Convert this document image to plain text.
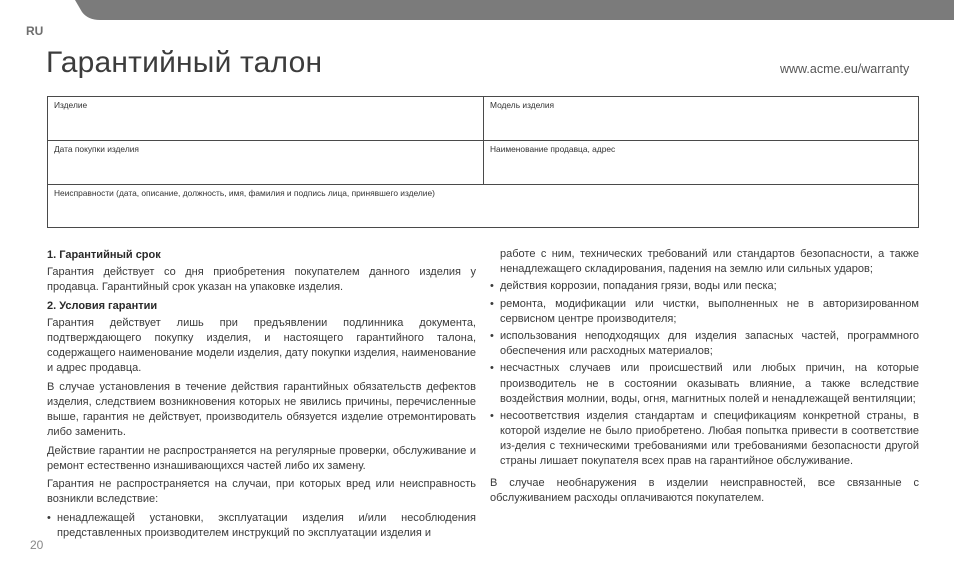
RU
Гарантийный талон	www.acme.eu/warranty
Изделие	Модель изделия
Дата покупки изделия	Наименование продавца, адрес
Неисправности (дата, описание, должность, имя, фамилия и подпись лица, принявшего изделие)
1. Гарантийный срок

Гарантия действует со дня приобретения покупателем данного изделия у продавца. Гарантийный срок указан на упаковке изделия.

2. Условия гарантии

Гарантия действует лишь при предъявлении подлинника документа, подтверждающего покупку изделия, и настоящего гарантийного талона, содержащего наименование модели изделия, дату покупки изделия, наименование и адрес продавца.

В случае установления в течение действия гарантийных обязательств дефектов изделия, следствием возникновения которых не явились причины, перечисленные выше, гарантия не действует, производитель обязуется изделие отремонтировать либо заменить.

Действие гарантии не распространяется на регулярные проверки, обслуживание и ремонт естественно изнашивающихся частей либо их замену.

Гарантия не распространяется на случаи, при которых вред или неисправность возникли вследствие:

• ненадлежащей установки, эксплуатации изделия и/или несоблюдения представленных производителем инструкций по эксплуатации изделия и
работе с ним, технических требований или стандартов безопасности, а также ненадлежащего складирования, падения на землю или сильных ударов;
• действия коррозии, попадания грязи, воды или песка;
• ремонта, модификации или чистки, выполненных не в авторизированном сервисном центре производителя;
• использования неподходящих для изделия запасных частей, программного обеспечения или расходных материалов;
• несчастных случаев или происшествий или любых причин, на которые производитель не в состоянии оказывать влияние, а также вследствие воздействия молнии, воды, огня, магнитных полей и ненадлежащей вентиляции;
• несоответствия изделия стандартам и спецификациям конкретной страны, в которой изделие не было приобретено. Любая попытка привести в соответствие из-делия с техническими требованиями или требованиями безопасности другой страны лишает покупателя всех прав на гарантийное обслуживание.

В случае необнаружения в изделии неисправностей, все связанные с обслуживанием расходы оплачиваются покупателем.

20
